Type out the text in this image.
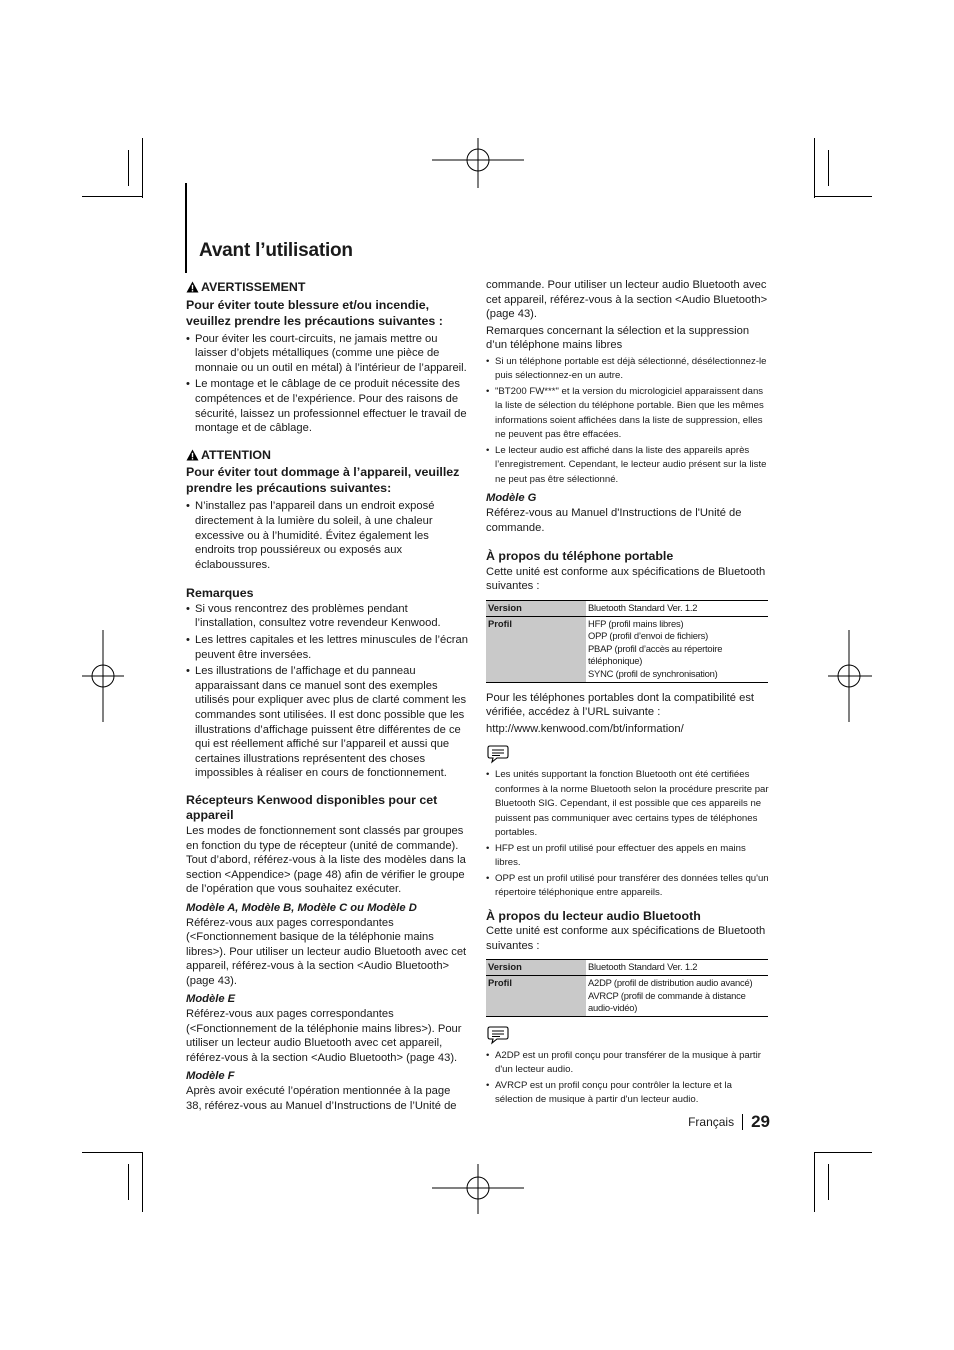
Avant l’utilisation
AVERTISSEMENT
Pour éviter toute blessure et/ou incendie, veuillez prendre les précautions suivantes :
• Pour éviter les court-circuits, ne jamais mettre ou laisser d’objets métalliques (comme une pièce de monnaie ou un outil en métal) à l’intérieur de l’appareil.
• Le montage et le câblage de ce produit nécessite des compétences et de l’expérience. Pour des raisons de sécurité, laissez un professionnel effectuer le travail de montage et de câblage.
ATTENTION
Pour éviter tout dommage à l’appareil, veuillez prendre les précautions suivantes:
• N’installez pas l’appareil dans un endroit exposé directement à la lumière du soleil, à une chaleur excessive ou à l’humidité. Évitez également les endroits trop poussiéreux ou exposés aux éclaboussures.
Remarques
• Si vous rencontrez des problèmes pendant l’installation, consultez votre revendeur Kenwood.
• Les lettres capitales et les lettres minuscules de l’écran peuvent être inversées.
• Les illustrations de l’affichage et du panneau apparaissant dans ce manuel sont des exemples utilisés pour expliquer avec plus de clarté comment les commandes sont utilisées. Il est donc possible que les illustrations d’affichage puissent être différentes de ce qui est réellement affiché sur l’appareil et aussi que certaines illustrations représentent des choses impossibles à réaliser en cours de fonctionnement.
Récepteurs Kenwood disponibles pour cet appareil

Les modes de fonctionnement sont classés par groupes en fonction du type de récepteur (unité de commande).

Tout d’abord, référez-vous à la liste des modèles dans la section <Appendice> (page 48) afin de vérifier le groupe de l’opération que vous souhaitez exécuter.

Modèle A, Modèle B, Modèle C ou Modèle D

Référez-vous aux pages correspondantes (<Fonctionnement basique de la téléphonie mains libres>). Pour utiliser un lecteur audio Bluetooth avec cet appareil, référez-vous à la section <Audio Bluetooth> (page 43).

Modèle E

Référez-vous aux pages correspondantes (<Fonctionnement de la téléphonie mains libres>). Pour utiliser un lecteur audio Bluetooth avec cet appareil, référez-vous à la section <Audio Bluetooth> (page 43).

Modèle F

Après avoir exécuté l’opération mentionnée à la page 38, référez-vous au Manuel d’Instructions de l’Unité de

commande. Pour utiliser un lecteur audio Bluetooth avec cet appareil, référez-vous à la section <Audio Bluetooth> (page 43).

Remarques concernant la sélection et la suppression d’un téléphone mains libres

• Si un téléphone portable est déjà sélectionné, désélectionnez-le puis sélectionnez-en un autre.
• "BT200 FW***" et la version du micrologiciel apparaissent dans la liste de sélection du téléphone portable. Bien que les mêmes informations soient affichées dans la liste de suppression, elles ne peuvent pas être effacées.
• Le lecteur audio est affiché dans la liste des appareils après l’enregistrement. Cependant, le lecteur audio présent sur la liste ne peut pas être sélectionné.
Modèle G

Référez-vous au Manuel d'Instructions de l'Unité de commande.

À propos du téléphone portable

Cette unité est conforme aux spécifications de Bluetooth suivantes :

Version	Bluetooth Standard Ver. 1.2
Profil	HFP (profil mains libres)
OPP (profil d’envoi de fichiers)
PBAP (profil d’accès au répertoire téléphonique)
SYNC (profil de synchronisation)

Pour les téléphones portables dont la compatibilité est vérifiée, accédez à l’URL suivante :

http://www.kenwood.com/bt/information/

• Les unités supportant la fonction Bluetooth ont été certifiées conformes à la norme Bluetooth selon la procédure prescrite par Bluetooth SIG. Cependant, il est possible que ces appareils ne puissent pas communiquer avec certains types de téléphones portables.
• HFP est un profil utilisé pour effectuer des appels en mains libres.
• OPP est un profil utilisé pour transférer des données telles qu'un répertoire téléphonique entre appareils.
À propos du lecteur audio Bluetooth

Cette unité est conforme aux spécifications de Bluetooth suivantes :

Version	Bluetooth Standard Ver. 1.2
Profil	A2DP (profil de distribution audio avancé)
AVRCP (profil de commande à distance audio-vidéo)
• A2DP est un profil conçu pour transférer de la musique à partir d'un lecteur audio.
• AVRCP est un profil conçu pour contrôler la lecture et la sélection de musique à partir d'un lecteur audio.
Français 29
